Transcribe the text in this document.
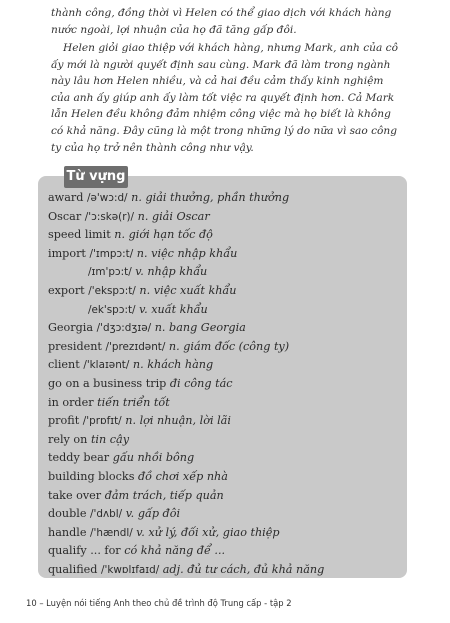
thành công, đồng thời vì Helen có thể giao dịch với khách hàng nước ngoài, lợi nhuận của họ đã tăng gấp đôi.

Helen giỏi giao thiệp với khách hàng, nhưng Mark, anh của cô ấy mới là người quyết định sau cùng. Mark đã làm trong ngành này lâu hơn Helen nhiều, và cả hai đều cảm thấy kinh nghiệm của anh ấy giúp anh ấy làm tốt việc ra quyết định hơn. Cả Mark lẫn Helen đều không đảm nhiệm công việc mà họ biết là không có khả năng. Đây cũng là một trong những lý do nữa vì sao công ty của họ trở nên thành công như vậy.

Từ vựng
award /ə'wɔ:d/ n. giải thưởng, phần thưởng
Oscar /'ɔ:skə(r)/ n. giải Oscar
speed limit n. giới hạn tốc độ
import /'ɪmpɔ:t/ n. việc nhập khẩu
/ɪm'pɔ:t/ v. nhập khẩu
export /'ekspɔ:t/ n. việc xuất khẩu
/ek'spɔ:t/ v. xuất khẩu
Georgia /'dʒɔ:dʒɪə/ n. bang Georgia
president /'prezɪdənt/ n. giám đốc (công ty)
client /'klaɪənt/ n. khách hàng
go on a business trip đi công tác
in order tiến triển tốt
profit /'prɒfɪt/ n. lợi nhuận, lời lãi
rely on tin cậy
teddy bear gấu nhồi bông
building blocks đồ chơi xếp nhà
take over đảm trách, tiếp quản
double /'dʌbl/ v. gấp đôi
handle /'hændl/ v. xử lý, đối xử, giao thiệp
qualify ... for có khả năng để ...
qualified /'kwɒlɪfaɪd/ adj. đủ tư cách, đủ khả năng
10 – Luyện nói tiếng Anh theo chủ đề trình độ Trung cấp - tập 2
